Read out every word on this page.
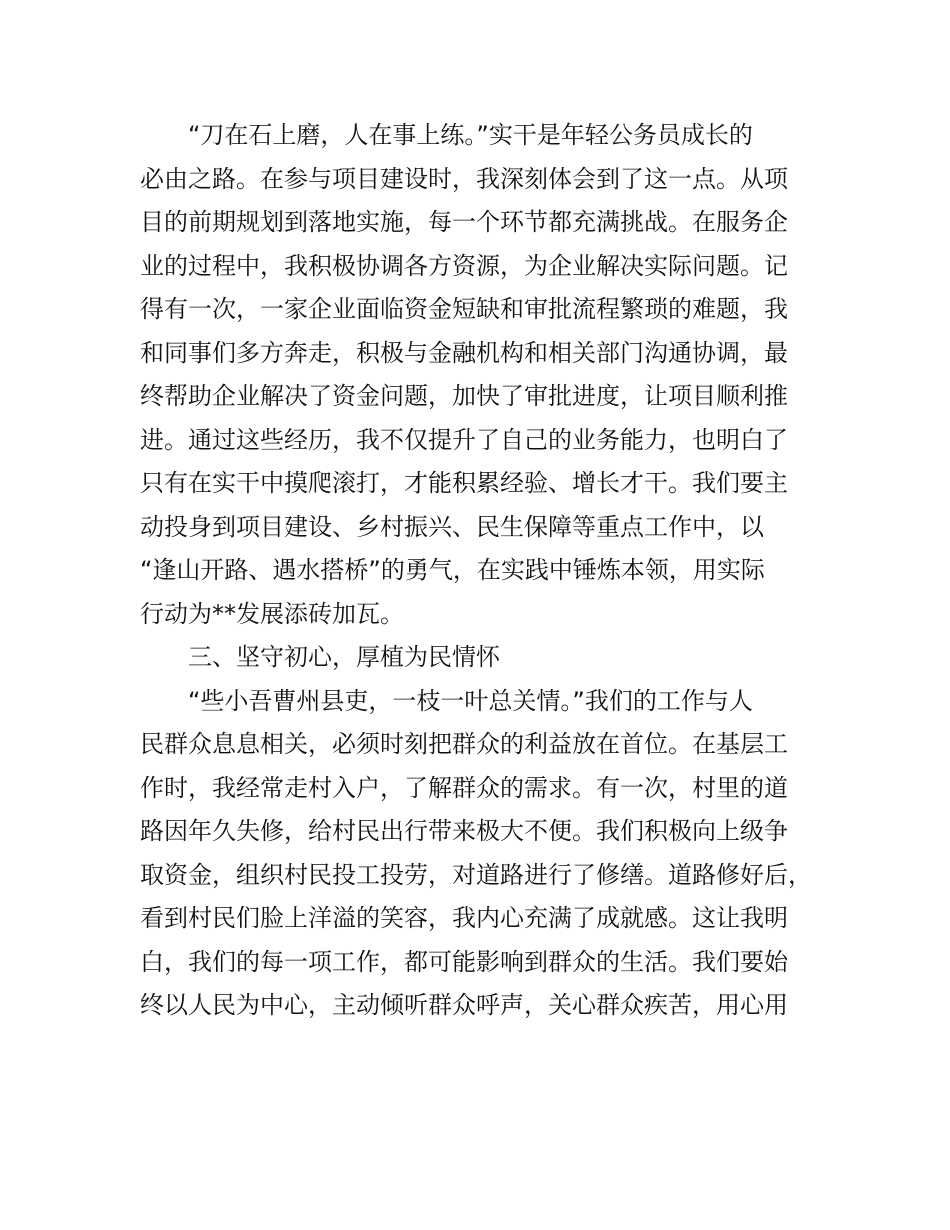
“刀在石上磨，人在事上练。”实干是年轻公务员成长的
必由之路。在参与项目建设时，我深刻体会到了这一点。从项
目的前期规划到落地实施，每一个环节都充满挑战。在服务企
业的过程中，我积极协调各方资源，为企业解决实际问题。记
得有一次，一家企业面临资金短缺和审批流程繁琐的难题，我
和同事们多方奔走，积极与金融机构和相关部门沟通协调，最
终帮助企业解决了资金问题，加快了审批进度，让项目顺利推
进。通过这些经历，我不仅提升了自己的业务能力，也明白了
只有在实干中摸爬滚打，才能积累经验、增长才干。我们要主
动投身到项目建设、乡村振兴、民生保障等重点工作中，以
“逢山开路、遇水搭桥”的勇气，在实践中锤炼本领，用实际
行动为**发展添砖加瓦。
三、坚守初心，厚植为民情怀
“些小吾曹州县吏，一枝一叶总关情。”我们的工作与人
民群众息息相关，必须时刻把群众的利益放在首位。在基层工
作时，我经常走村入户，了解群众的需求。有一次，村里的道
路因年久失修，给村民出行带来极大不便。我们积极向上级争
取资金，组织村民投工投劳，对道路进行了修缮。道路修好后，
看到村民们脸上洋溢的笑容，我内心充满了成就感。这让我明
白，我们的每一项工作，都可能影响到群众的生活。我们要始
终以人民为中心，主动倾听群众呼声，关心群众疾苦，用心用
